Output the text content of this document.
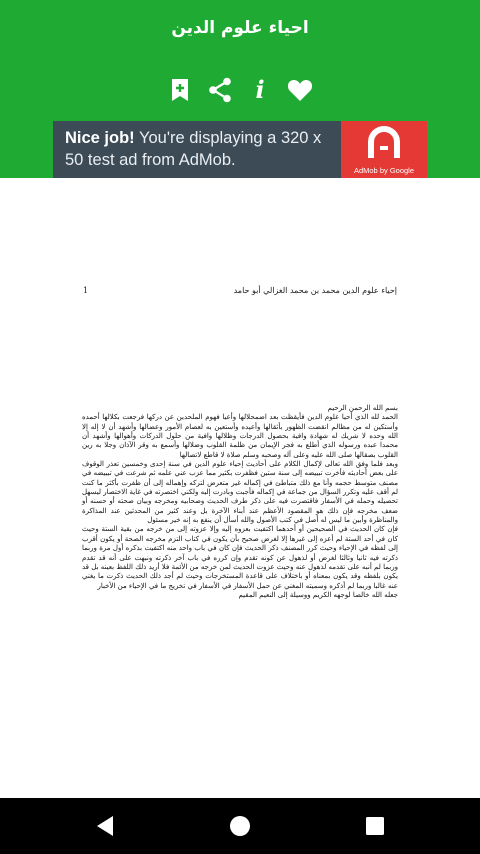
احياء علوم الدين
i
Nice job! You're displaying a 320 x 50 test ad from AdMob.
AdMob by Google
1	إحياء علوم الدين محمد بن محمد الغزالي أبو حامد

بسم الله الرحمن الرحيم

الحمد لله الذي أحيا علوم الدين فأيقظت بعد اضمحلالها وأعيا فهوم الملحدين عن دركها فرجعت بكلالها أحمده وأستكين له من مظالم انقضت الظهور بأثقالها وأعيده وأستعين به لعصام الأمور وعضالها وأشهد أن لا إله إلا الله وحده لا شريك له شهادة وافية بحصول الدرجات وظلالها وافية من حلول الدركات وأهوالها وأشهد أن محمدا عبده ورسوله الذي أطلع به فجر الإيمان من ظلمة القلوب وضلالها وأسمع به وقر الآذان وجلا به رين القلوب بصقالها صلى الله عليه وعلى آله وصحبه وسلم صلاة لا قاطع لاتصالها

وبعد فلما وفق الله تعالى لإكمال الكلام على أحاديث إحياء علوم الدين في سنة إحدى وخمسين تعذر الوقوف على بعض أحاديثه فأخرت تبييضه إلى سنة ستين فظفرت بكثير مما عزب عني علمه ثم شرعت في تبييضه في مصنف متوسط حجمه وأنا مع ذلك متباطئ في إكماله غير متعرض لتركه وإهماله إلى أن ظفرت بأكثر ما كنت لم أقف عليه وتكرر السؤال من جماعة في إكماله فأجبت وبادرت إليه ولكني اختصرته في غاية الاختصار ليسهل تحصيله وحمله في الأسفار فاقتصرت فيه على ذكر طرف الحديث وصحابيه ومخرجه وبيان صحته أو حسنه أو ضعف مخرجه فإن ذلك هو المقصود الأعظم عند أبناء الآخرة بل وعند كثير من المحدثين عند المذاكرة والمناظرة وأبين ما ليس له أصل في كتب الأصول والله أسأل أن ينفع به إنه خير مسئول

فإن كان الحديث في الصحيحين أو أحدهما اكتفيت بعزوه إليه وإلا عزوته إلى من خرجه من بقية الستة وحيث كان في أحد الستة لم أعزه إلى غيرها إلا لغرض صحيح بأن يكون في كتاب التزم مخرجه الصحة أو يكون أقرب إلى لفظه في الإحياء وحيث كرر المصنف ذكر الحديث فإن كان في باب واحد منه اكتفيت بذكره أول مرة وربما ذكرته فيه ثانيا وثالثا لغرض أو لذهول عن كونه تقدم وإن كرره في باب آخر ذكرته ونبهت على أنه قد تقدم وربما لم أنبه على تقدمه لذهول عنه وحيث عزوت الحديث لمن خرجه من الأئمة فلا أريد ذلك اللفظ بعينه بل قد يكون بلفظه وقد يكون بمعناه أو باختلاف على قاعدة المستخرجات وحيث لم أجد ذلك الحديث ذكرت ما يغني عنه غالبا وربما لم أذكره وسميته المغني عن حمل الأسفار في الأسفار في تخريج ما في الإحياء من الأخبار

جعله الله خالصا لوجهه الكريم ووسيلة إلى النعيم المقيم
